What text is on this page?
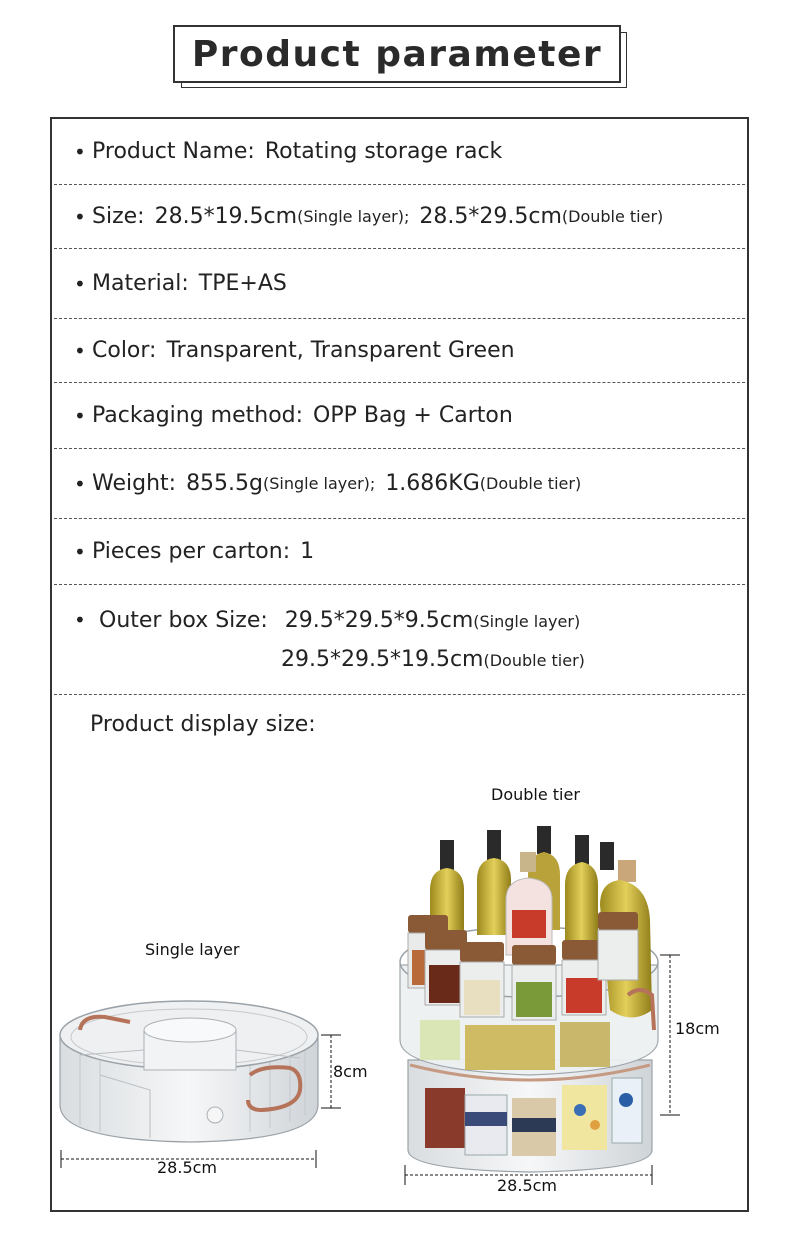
Product parameter
• Product Name: Rotating storage rack
• Size: 28.5*19.5cm (Single layer); 28.5*29.5cm (Double tier)
• Material: TPE+AS
• Color: Transparent, Transparent Green
• Packaging method: OPP Bag + Carton
• Weight: 855.5g (Single layer); 1.686KG (Double tier)
• Pieces per carton: 1
• Outer box Size: 29.5*29.5*9.5cm(Single layer)
29.5*29.5*19.5cm(Double tier)
Product display size:
Single layer
Double tier
8cm
28.5cm
18cm
28.5cm
